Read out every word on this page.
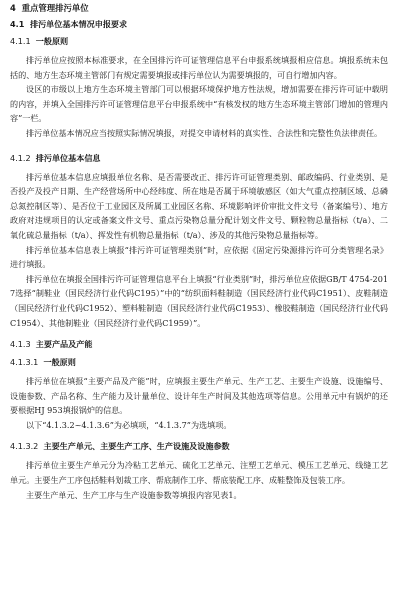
4 重点管理排污单位
4.1 排污单位基本情况申报要求
4.1.1 一般原则

排污单位应按照本标准要求，在全国排污许可证管理信息平台申报系统填报相应信息。填报系统未包括的、地方生态环境主管部门有规定需要填报或排污单位认为需要填报的，可自行增加内容。

设区的市级以上地方生态环境主管部门可以根据环境保护地方性法规，增加需要在排污许可证中载明的内容，并填入全国排污许可证管理信息平台申报系统中“有核发权的地方生态环境主管部门增加的管理内容”一栏。

排污单位基本情况应当按照实际情况填报，对提交申请材料的真实性、合法性和完整性负法律责任。

4.1.2 排污单位基本信息

排污单位基本信息应填报单位名称、是否需要改正、排污许可证管理类别、邮政编码、行业类别、是否投产及投产日期、生产经营场所中心经纬度、所在地是否属于环境敏感区（如大气重点控制区域、总磷总氮控制区等）、是否位于工业园区及所属工业园区名称、环境影响评价审批文件文号（备案编号）、地方政府对违规项目的认定或备案文件文号、重点污染物总量分配计划文件文号、颗粒物总量指标（t/a）、二氧化硫总量指标（t/a）、挥发性有机物总量指标（t/a）、涉及的其他污染物总量指标等。

排污单位基本信息表上填报“排污许可证管理类别”时，应依据《固定污染源排污许可分类管理名录》进行填报。

排污单位在填报全国排污许可证管理信息平台上填报“行业类别”时，排污单位应依据GB/T 4754-2017选择“制鞋业（国民经济行业代码C195）”中的“纺织面料鞋制造（国民经济行业代码C1951）、皮鞋制造（国民经济行业代码C1952）、塑料鞋制造（国民经济行业代码C1953）、橡胶鞋制造（国民经济行业代码C1954）、其他制鞋业（国民经济行业代码C1959）”。

4.1.3 主要产品及产能
4.1.3.1 一般原则

排污单位在填报“主要产品及产能”时，应填报主要生产单元、生产工艺、主要生产设施、设施编号、设施参数、产品名称、生产能力及计量单位、设计年生产时间及其他选项等信息。公用单元中有锅炉的还要根据HJ 953填报锅炉的信息。

以下“4.1.3.2~4.1.3.6”为必填项，“4.1.3.7”为选填项。

4.1.3.2 主要生产单元、主要生产工序、生产设施及设施参数

排污单位主要生产单元分为冷粘工艺单元、硫化工艺单元、注塑工艺单元、模压工艺单元、线缝工艺单元。主要生产工序包括鞋料划裁工序、帮底制作工序、帮底装配工序、成鞋整饰及包装工序。

主要生产单元、生产工序与生产设施参数等填报内容见表1。
